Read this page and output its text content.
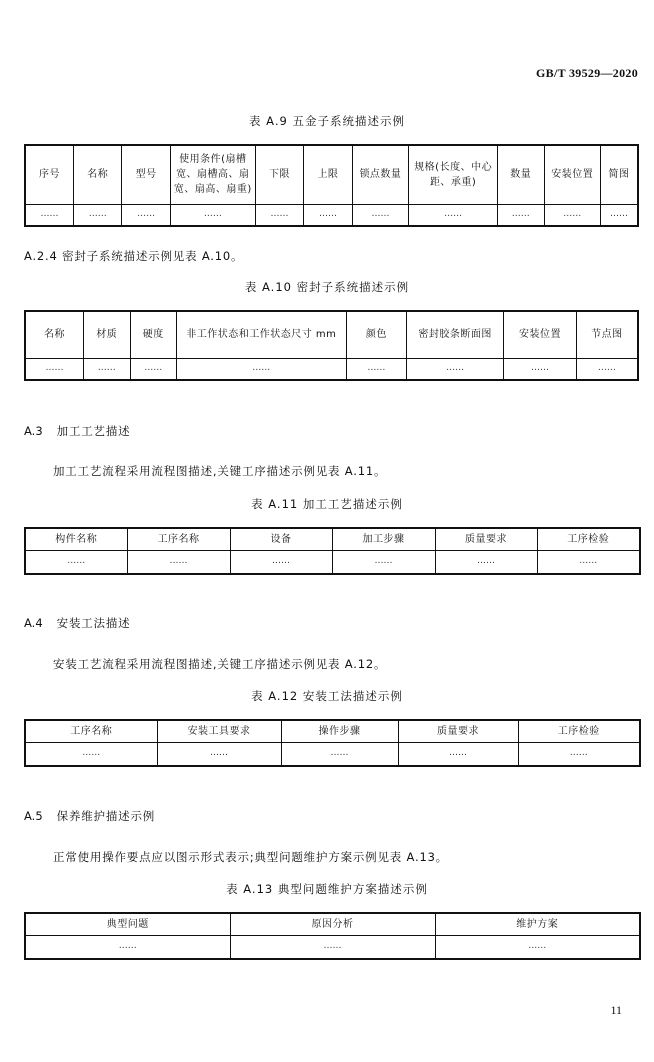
GB/T 39529—2020
表 A.9 五金子系统描述示例
序号	名称	型号	使用条件(扇槽宽、扇槽高、扇宽、扇高、扇重)	下限	上限	锁点数量	规格(长度、中心距、承重)	数量	安装位置	简图
……	……	……	……	……	……	……	……	……	……	……
A.2.4 密封子系统描述示例见表 A.10。
表 A.10 密封子系统描述示例
名称	材质	硬度	非工作状态和工作状态尺寸 mm	颜色	密封胶条断面图	安装位置	节点图
……	……	……	……	……	……	……	……
A.3 加工工艺描述
加工工艺流程采用流程图描述,关键工序描述示例见表 A.11。
表 A.11 加工工艺描述示例
构件名称	工序名称	设备	加工步骤	质量要求	工序检验
……	……	……	……	……	……
A.4 安装工法描述
安装工艺流程采用流程图描述,关键工序描述示例见表 A.12。
表 A.12 安装工法描述示例
工序名称	安装工具要求	操作步骤	质量要求	工序检验
……	……	……	……	……
A.5 保养维护描述示例
正常使用操作要点应以图示形式表示;典型问题维护方案示例见表 A.13。
表 A.13 典型问题维护方案描述示例
典型问题	原因分析	维护方案
……	……	……
11
